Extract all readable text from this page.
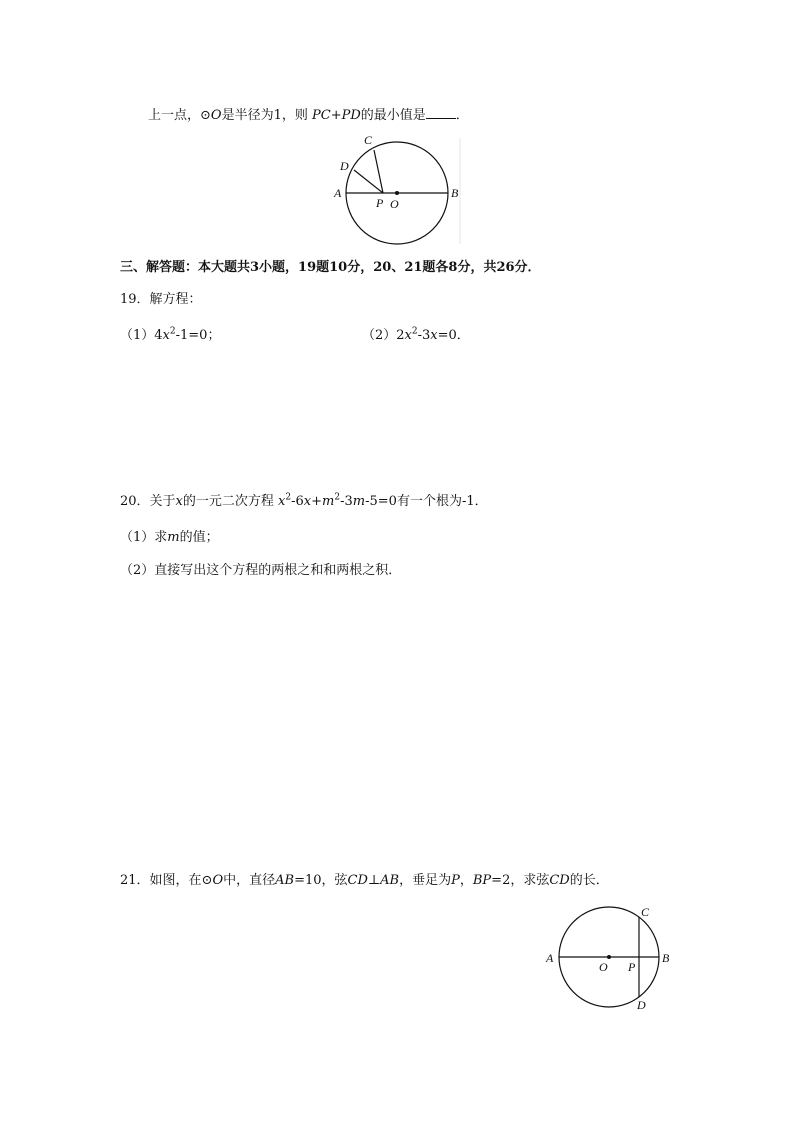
上一点，⊙O是半径为1，则 PC+PD的最小值是 ．
A	B
C
D
P O
三、解答题：本大题共3小题，19题10分，20、21题各8分，共26分．
19．解方程：
$(1)4x^2-1=0$；	$(2)2x^2-3x=0$．
20．关于x的一元二次方程 $x^2-6x+m^2-3m-5=0$有一个根为-1．
（1）求m的值；
（2）直接写出这个方程的两根之和和两根之积．
21．如图，在⊙O中，直径AB=10，弦CD⊥AB，垂足为P，BP=2，求弦CD的长．
A	B
C
D
P
O
